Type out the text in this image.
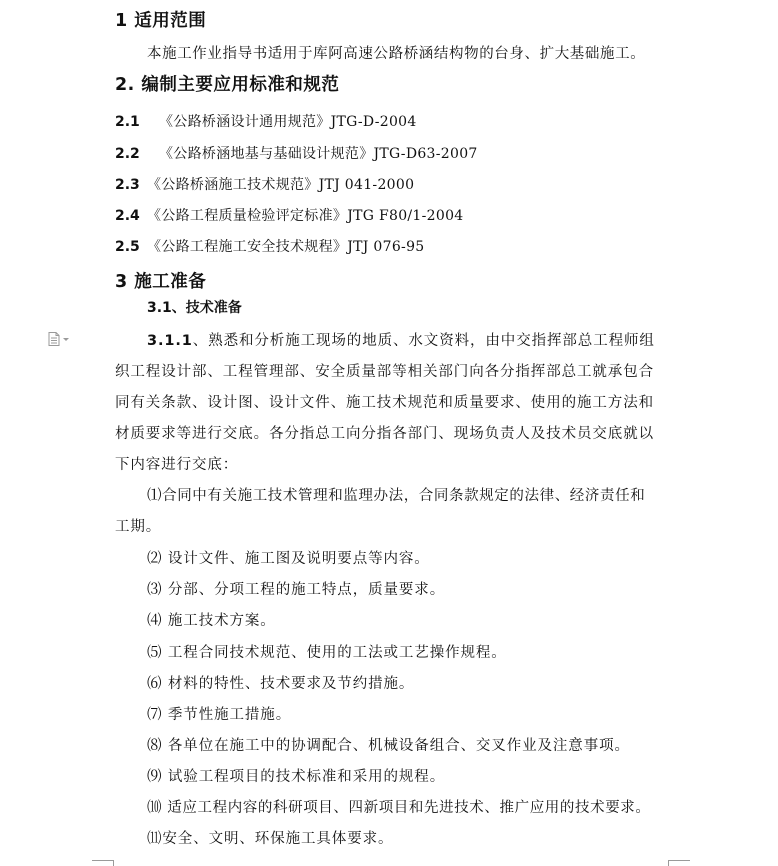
1 适用范围
本施工作业指导书适用于库阿高速公路桥涵结构物的台身、扩大基础施工。
2. 编制主要应用标准和规范
2.1 《公路桥涵设计通用规范》JTG-D-2004
2.2 《公路桥涵地基与基础设计规范》JTG-D63-2007
2.3 《公路桥涵施工技术规范》JTJ 041-2000
2.4 《公路工程质量检验评定标准》JTG F80/1-2004
2.5 《公路工程施工安全技术规程》JTJ 076-95
3 施工准备
3.1、技术准备
3.1.1、熟悉和分析施工现场的地质、水文资料，由中交指挥部总工程师组
织工程设计部、工程管理部、安全质量部等相关部门向各分指挥部总工就承包合
同有关条款、设计图、设计文件、施工技术规范和质量要求、使用的施工方法和
材质要求等进行交底。各分指总工向分指各部门、现场负责人及技术员交底就以
下内容进行交底：
⑴合同中有关施工技术管理和监理办法，合同条款规定的法律、经济责任和
工期。
⑵ 设计文件、施工图及说明要点等内容。
⑶ 分部、分项工程的施工特点，质量要求。
⑷ 施工技术方案。
⑸ 工程合同技术规范、使用的工法或工艺操作规程。
⑹ 材料的特性、技术要求及节约措施。
⑺ 季节性施工措施。
⑻ 各单位在施工中的协调配合、机械设备组合、交叉作业及注意事项。
⑼ 试验工程项目的技术标准和采用的规程。
⑽ 适应工程内容的科研项目、四新项目和先进技术、推广应用的技术要求。
⑾安全、文明、环保施工具体要求。
